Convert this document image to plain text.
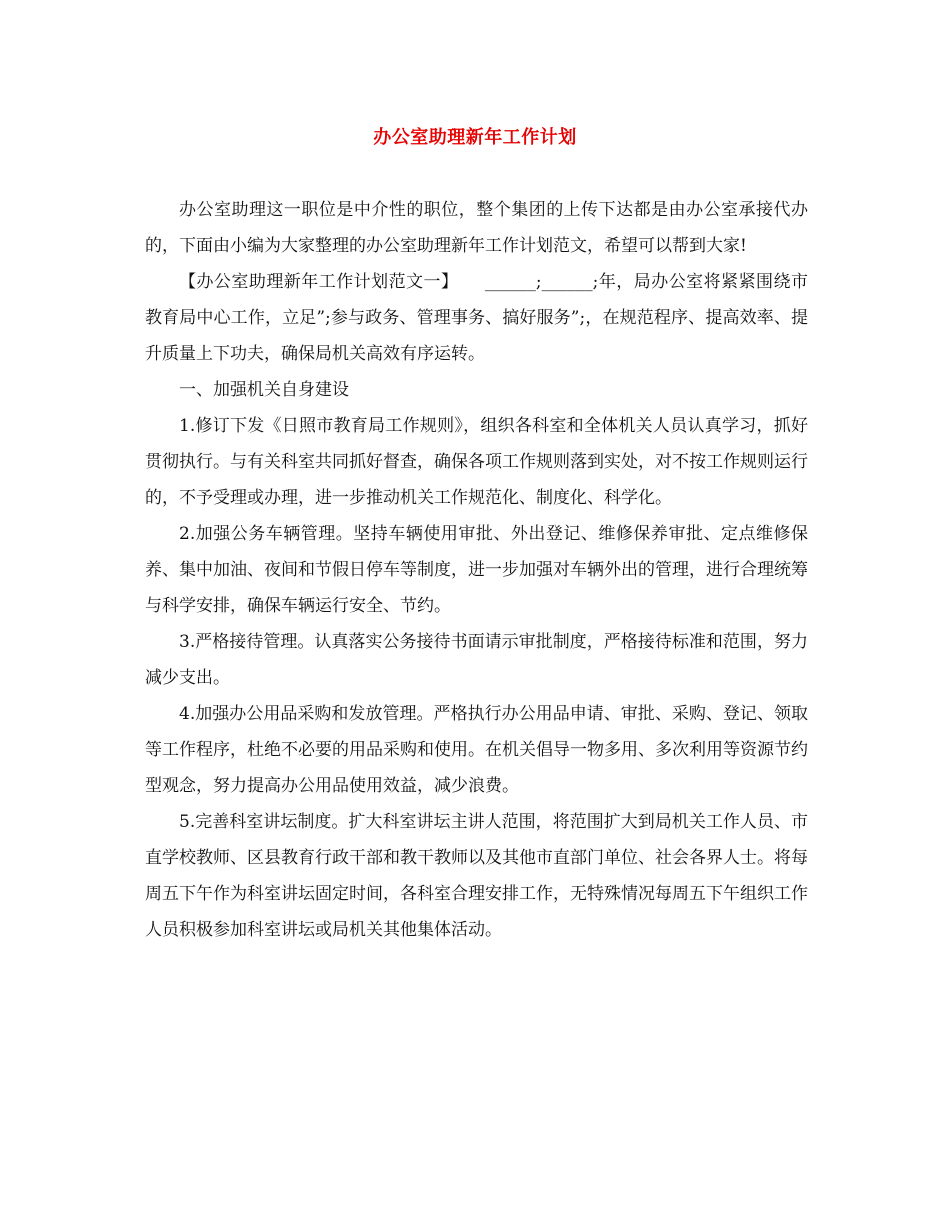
办公室助理新年工作计划

办公室助理这一职位是中介性的职位，整个集团的上传下达都是由办公室承接代办的，下面由小编为大家整理的办公室助理新年工作计划范文，希望可以帮到大家!

【办公室助理新年工作计划范文一】　　______;______;年，局办公室将紧紧围绕市教育局中心工作，立足”;参与政务、管理事务、搞好服务”;，在规范程序、提高效率、提升质量上下功夫，确保局机关高效有序运转。

一、加强机关自身建设

1.修订下发《日照市教育局工作规则》，组织各科室和全体机关人员认真学习，抓好贯彻执行。与有关科室共同抓好督查，确保各项工作规则落到实处，对不按工作规则运行的，不予受理或办理，进一步推动机关工作规范化、制度化、科学化。

2.加强公务车辆管理。坚持车辆使用审批、外出登记、维修保养审批、定点维修保养、集中加油、夜间和节假日停车等制度，进一步加强对车辆外出的管理，进行合理统筹与科学安排，确保车辆运行安全、节约。

3.严格接待管理。认真落实公务接待书面请示审批制度，严格接待标准和范围，努力减少支出。

4.加强办公用品采购和发放管理。严格执行办公用品申请、审批、采购、登记、领取等工作程序，杜绝不必要的用品采购和使用。在机关倡导一物多用、多次利用等资源节约型观念，努力提高办公用品使用效益，减少浪费。

5.完善科室讲坛制度。扩大科室讲坛主讲人范围，将范围扩大到局机关工作人员、市直学校教师、区县教育行政干部和教干教师以及其他市直部门单位、社会各界人士。将每周五下午作为科室讲坛固定时间，各科室合理安排工作，无特殊情况每周五下午组织工作人员积极参加科室讲坛或局机关其他集体活动。
